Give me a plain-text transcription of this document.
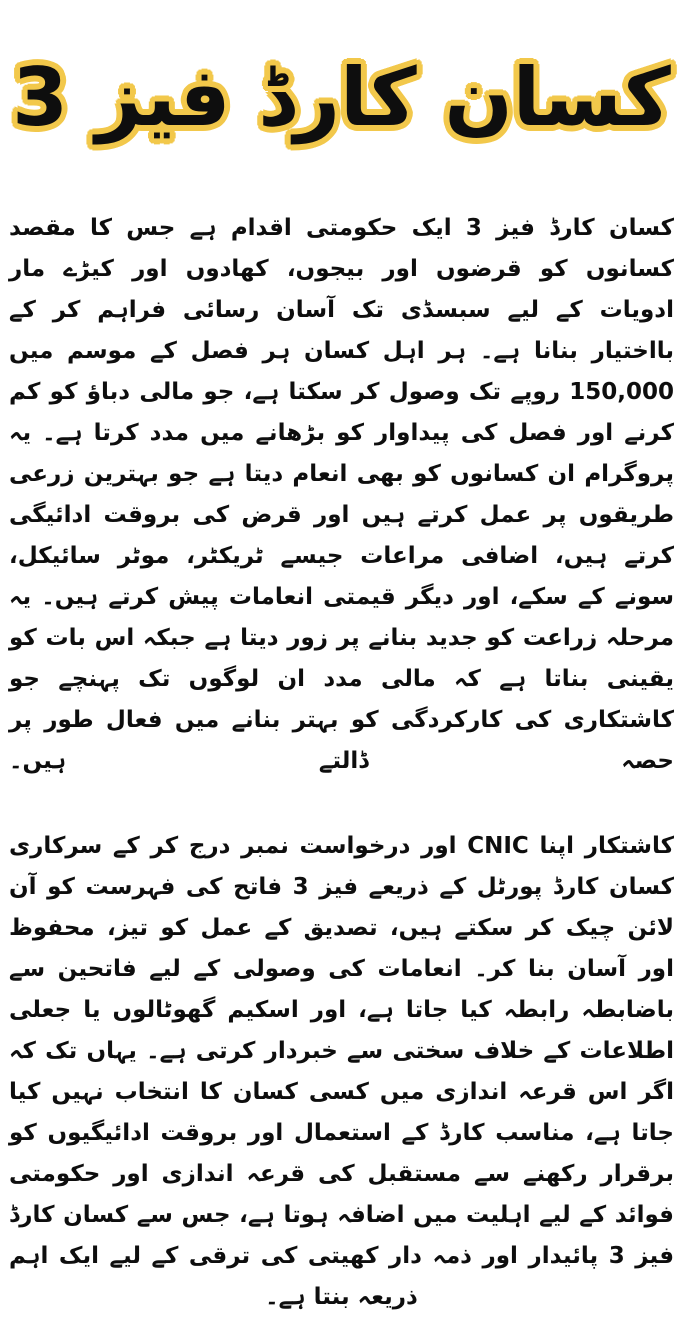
کسان کارڈ فیز 3

کسان کارڈ فیز 3 ایک حکومتی اقدام ہے جس کا مقصد کسانوں کو قرضوں اور بیجوں، کھادوں اور کیڑے مار ادویات کے لیے سبسڈی تک آسان رسائی فراہم کر کے بااختیار بنانا ہے۔ ہر اہل کسان ہر فصل کے موسم میں 150,000 روپے تک وصول کر سکتا ہے، جو مالی دباؤ کو کم کرنے اور فصل کی پیداوار کو بڑھانے میں مدد کرتا ہے۔ یہ پروگرام ان کسانوں کو بھی انعام دیتا ہے جو بہترین زرعی طریقوں پر عمل کرتے ہیں اور قرض کی بروقت ادائیگی کرتے ہیں، اضافی مراعات جیسے ٹریکٹر، موٹر سائیکل، سونے کے سکے، اور دیگر قیمتی انعامات پیش کرتے ہیں۔ یہ مرحلہ زراعت کو جدید بنانے پر زور دیتا ہے جبکہ اس بات کو یقینی بناتا ہے کہ مالی مدد ان لوگوں تک پہنچے جو کاشتکاری کی کارکردگی کو بہتر بنانے میں فعال طور پر حصہ ڈالتے ہیں۔

کاشتکار اپنا CNIC اور درخواست نمبر درج کر کے سرکاری کسان کارڈ پورٹل کے ذریعے فیز 3 فاتح کی فہرست کو آن لائن چیک کر سکتے ہیں، تصدیق کے عمل کو تیز، محفوظ اور آسان بنا کر۔ انعامات کی وصولی کے لیے فاتحین سے باضابطہ رابطہ کیا جاتا ہے، اور اسکیم گھوٹالوں یا جعلی اطلاعات کے خلاف سختی سے خبردار کرتی ہے۔ یہاں تک کہ اگر اس قرعہ اندازی میں کسی کسان کا انتخاب نہیں کیا جاتا ہے، مناسب کارڈ کے استعمال اور بروقت ادائیگیوں کو برقرار رکھنے سے مستقبل کی قرعہ اندازی اور حکومتی فوائد کے لیے اہلیت میں اضافہ ہوتا ہے، جس سے کسان کارڈ فیز 3 پائیدار اور ذمہ دار کھیتی کی ترقی کے لیے ایک اہم ذریعہ بنتا ہے۔
